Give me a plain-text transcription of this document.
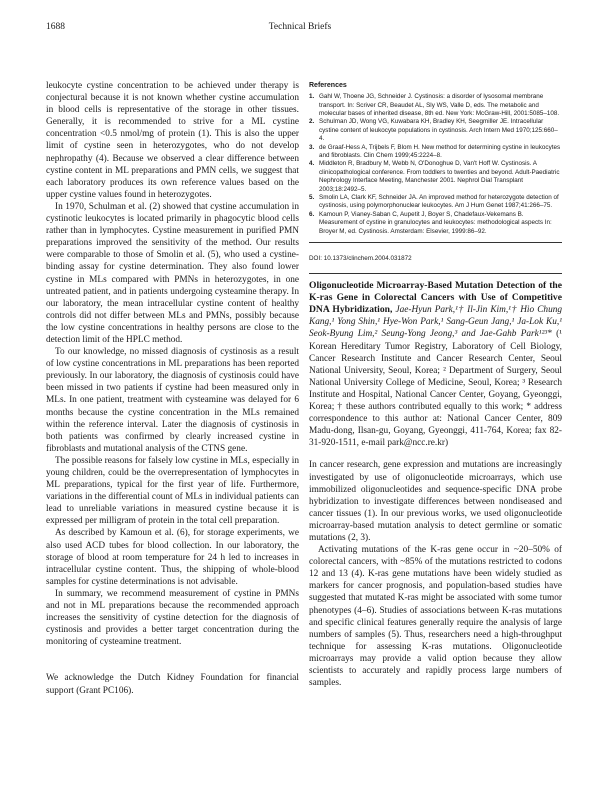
1688	Technical Briefs

leukocyte cystine concentration to be achieved under therapy is conjectural because it is not known whether cystine accumulation in blood cells is representative of the storage in other tissues. Generally, it is recommended to strive for a ML cystine concentration <0.5 nmol/mg of protein (1). This is also the upper limit of cystine seen in heterozygotes, who do not develop nephropathy (4). Because we observed a clear difference between cystine content in ML preparations and PMN cells, we suggest that each laboratory produces its own reference values based on the upper cystine values found in heterozygotes.

In 1970, Schulman et al. (2) showed that cystine accumulation in cystinotic leukocytes is located primarily in phagocytic blood cells rather than in lymphocytes. Cystine measurement in purified PMN preparations improved the sensitivity of the method. Our results were comparable to those of Smolin et al. (5), who used a cystine-binding assay for cystine determination. They also found lower cystine in MLs compared with PMNs in heterozygotes, in one untreated patient, and in patients undergoing cysteamine therapy. In our laboratory, the mean intracellular cystine content of healthy controls did not differ between MLs and PMNs, possibly because the low cystine concentrations in healthy persons are close to the detection limit of the HPLC method.

To our knowledge, no missed diagnosis of cystinosis as a result of low cystine concentrations in ML preparations has been reported previously. In our laboratory, the diagnosis of cystinosis could have been missed in two patients if cystine had been measured only in MLs. In one patient, treatment with cysteamine was delayed for 6 months because the cystine concentration in the MLs remained within the reference interval. Later the diagnosis of cystinosis in both patients was confirmed by clearly increased cystine in fibroblasts and mutational analysis of the CTNS gene.

The possible reasons for falsely low cystine in MLs, especially in young children, could be the overrepresentation of lymphocytes in ML preparations, typical for the first year of life. Furthermore, variations in the differential count of MLs in individual patients can lead to unreliable variations in measured cystine because it is expressed per milligram of protein in the total cell preparation.

As described by Kamoun et al. (6), for storage experiments, we also used ACD tubes for blood collection. In our laboratory, the storage of blood at room temperature for 24 h led to increases in intracellular cystine content. Thus, the shipping of whole-blood samples for cystine determinations is not advisable.

In summary, we recommend measurement of cystine in PMNs and not in ML preparations because the recommended approach increases the sensitivity of cystine detection for the diagnosis of cystinosis and provides a better target concentration during the monitoring of cysteamine treatment.

We acknowledge the Dutch Kidney Foundation for financial support (Grant PC106).

References
1. Gahl W, Thoene JG, Schneider J. Cystinosis: a disorder of lysosomal membrane transport. In: Scriver CR, Beaudet AL, Sly WS, Valle D, eds. The metabolic and molecular bases of inherited disease, 8th ed. New York: McGraw-Hill, 2001:5085–108.
2. Schulman JD, Wong VG, Kuwabara KH, Bradley KH, Seegmiller JE. Intracellular cystine content of leukocyte populations in cystinosis. Arch Intern Med 1970;125:660–4.
3. de Graaf-Hess A, Trijbels F, Blom H. New method for determining cystine in leukocytes and fibroblasts. Clin Chem 1999;45:2224–8.
4. Middleton R, Bradbury M, Webb N, O'Donoghue D, Van't Hoff W. Cystinosis. A clinicopathological conference. From toddlers to twenties and beyond. Adult-Paediatric Nephrology Interface Meeting, Manchester 2001. Nephrol Dial Transplant 2003;18:2492–5.
5. Smolin LA, Clark KF, Schneider JA. An improved method for heterozygote detection of cystinosis, using polymorphonuclear leukocytes. Am J Hum Genet 1987;41:266–75.
6. Kamoun P, Vianey-Saban C, Aupetit J, Boyer S, Chadefaux-Vekemans B. Measurement of cystine in granulocytes and leukocytes: methodological aspects In: Broyer M, ed. Cystinosis. Amsterdam: Elsevier, 1999:86–92.
DOI: 10.1373/clinchem.2004.031872

Oligonucleotide Microarray-Based Mutation Detection of the K-ras Gene in Colorectal Cancers with Use of Competitive DNA Hybridization, Jae-Hyun Park,¹† Il-Jin Kim,¹† Hio Chung Kang,¹ Yong Shin,¹ Hye-Won Park,¹ Sang-Geun Jang,¹ Ja-Lok Ku,¹ Seok-Byung Lim,² Seung-Yong Jeong,³ and Jae-Gahb Park¹²³* (¹ Korean Hereditary Tumor Registry, Laboratory of Cell Biology, Cancer Research Institute and Cancer Research Center, Seoul National University, Seoul, Korea; ² Department of Surgery, Seoul National University College of Medicine, Seoul, Korea; ³ Research Institute and Hospital, National Cancer Center, Goyang, Gyeonggi, Korea; † these authors contributed equally to this work; * address correspondence to this author at: National Cancer Center, 809 Madu-dong, Ilsan-gu, Goyang, Gyeonggi, 411-764, Korea; fax 82-31-920-1511, e-mail park@ncc.re.kr)

In cancer research, gene expression and mutations are increasingly investigated by use of oligonucleotide microarrays, which use immobilized oligonucleotides and sequence-specific DNA probe hybridization to investigate differences between nondiseased and cancer tissues (1). In our previous works, we used oligonucleotide microarray-based mutation analysis to detect germline or somatic mutations (2, 3).

Activating mutations of the K-ras gene occur in ~20–50% of colorectal cancers, with ~85% of the mutations restricted to codons 12 and 13 (4). K-ras gene mutations have been widely studied as markers for cancer prognosis, and population-based studies have suggested that mutated K-ras might be associated with some tumor phenotypes (4–6). Studies of associations between K-ras mutations and specific clinical features generally require the analysis of large numbers of samples (5). Thus, researchers need a high-throughput technique for assessing K-ras mutations. Oligonucleotide microarrays may provide a valid option because they allow scientists to accurately and rapidly process large numbers of samples.
